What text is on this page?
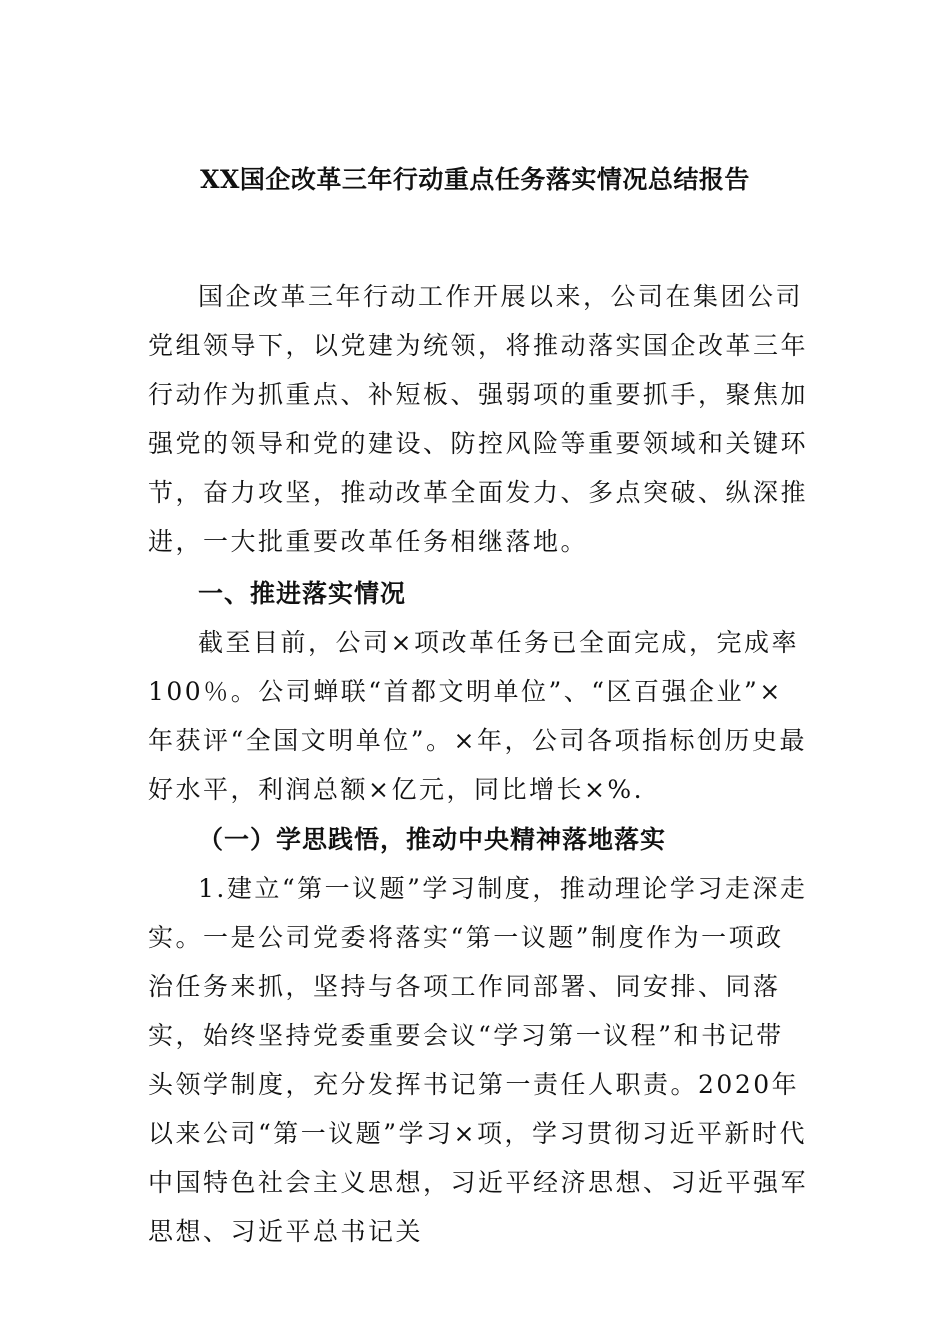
XX国企改革三年行动重点任务落实情况总结报告
国企改革三年行动工作开展以来，公司在集团公司党组领导下，以党建为统领，将推动落实国企改革三年行动作为抓重点、补短板、强弱项的重要抓手，聚焦加强党的领导和党的建设、防控风险等重要领域和关键环节，奋力攻坚，推动改革全面发力、多点突破、纵深推进，一大批重要改革任务相继落地。
一、推进落实情况
截至目前，公司×项改革任务已全面完成，完成率100％。公司蝉联“首都文明单位”、“区百强企业”×年获评“全国文明单位”。×年，公司各项指标创历史最好水平，利润总额×亿元，同比增长×%.
（一）学思践悟，推动中央精神落地落实
1.建立“第一议题”学习制度，推动理论学习走深走实。一是公司党委将落实“第一议题”制度作为一项政治任务来抓，坚持与各项工作同部署、同安排、同落实，始终坚持党委重要会议“学习第一议程”和书记带头领学制度，充分发挥书记第一责任人职责。2020年以来公司“第一议题”学习×项，学习贯彻习近平新时代中国特色社会主义思想，习近平经济思想、习近平强军思想、习近平总书记关
